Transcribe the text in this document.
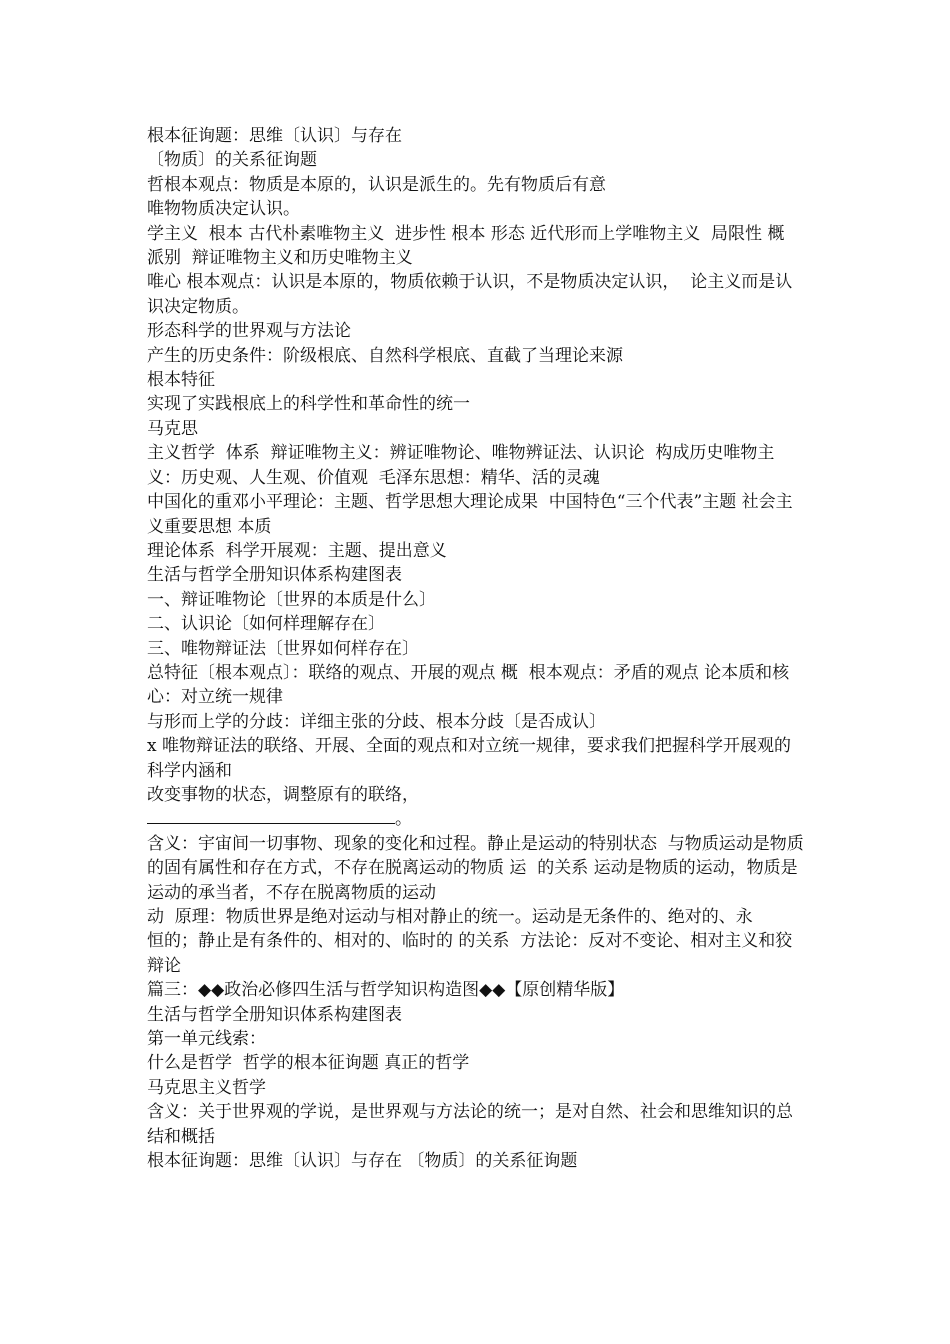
根本征询题：思维〔认识〕与存在

〔物质〕的关系征询题

哲根本观点：物质是本原的，认识是派生的。先有物质后有意

唯物物质决定认识。

学主义  根本 古代朴素唯物主义  进步性 根本 形态 近代形而上学唯物主义  局限性 概  派别  辩证唯物主义和历史唯物主义

唯心 根本观点：认识是本原的，物质依赖于认识，不是物质决定认识，  论主义而是认识决定物质。

形态科学的世界观与方法论

产生的历史条件：阶级根底、自然科学根底、直截了当理论来源

根本特征

实现了实践根底上的科学性和革命性的统一

马克思

主义哲学  体系  辩证唯物主义：辨证唯物论、唯物辨证法、认识论  构成历史唯物主义：历史观、人生观、价值观  毛泽东思想：精华、活的灵魂

中国化的重邓小平理论：主题、哲学思想大理论成果  中国特色“三个代表”主题 社会主义重要思想 本质

理论体系  科学开展观：主题、提出意义

生活与哲学全册知识体系构建图表

一、辩证唯物论〔世界的本质是什么〕

二、认识论〔如何样理解存在〕

三、唯物辩证法〔世界如何样存在〕

总特征〔根本观点〕：联络的观点、开展的观点 概  根本观点：矛盾的观点 论本质和核心：对立统一规律

与形而上学的分歧：详细主张的分歧、根本分歧〔是否成认〕

x 唯物辩证法的联络、开展、全面的观点和对立统一规律，要求我们把握科学开展观的科学内涵和

改变事物的状态，调整原有的联络，

。

含义：宇宙间一切事物、现象的变化和过程。静止是运动的特别状态  与物质运动是物质的固有属性和存在方式，不存在脱离运动的物质 运  的关系 运动是物质的运动，物质是运动的承当者，不存在脱离物质的运动

动  原理：物质世界是绝对运动与相对静止的统一。运动是无条件的、绝对的、永

恒的；静止是有条件的、相对的、临时的 的关系  方法论：反对不变论、相对主义和狡辩论

篇三：◆◆政治必修四生活与哲学知识构造图◆◆【原创精华版】

生活与哲学全册知识体系构建图表

第一单元线索：

什么是哲学  哲学的根本征询题 真正的哲学

马克思主义哲学

含义：关于世界观的学说，是世界观与方法论的统一；是对自然、社会和思维知识的总结和概括

根本征询题：思维〔认识〕与存在 〔物质〕的关系征询题
